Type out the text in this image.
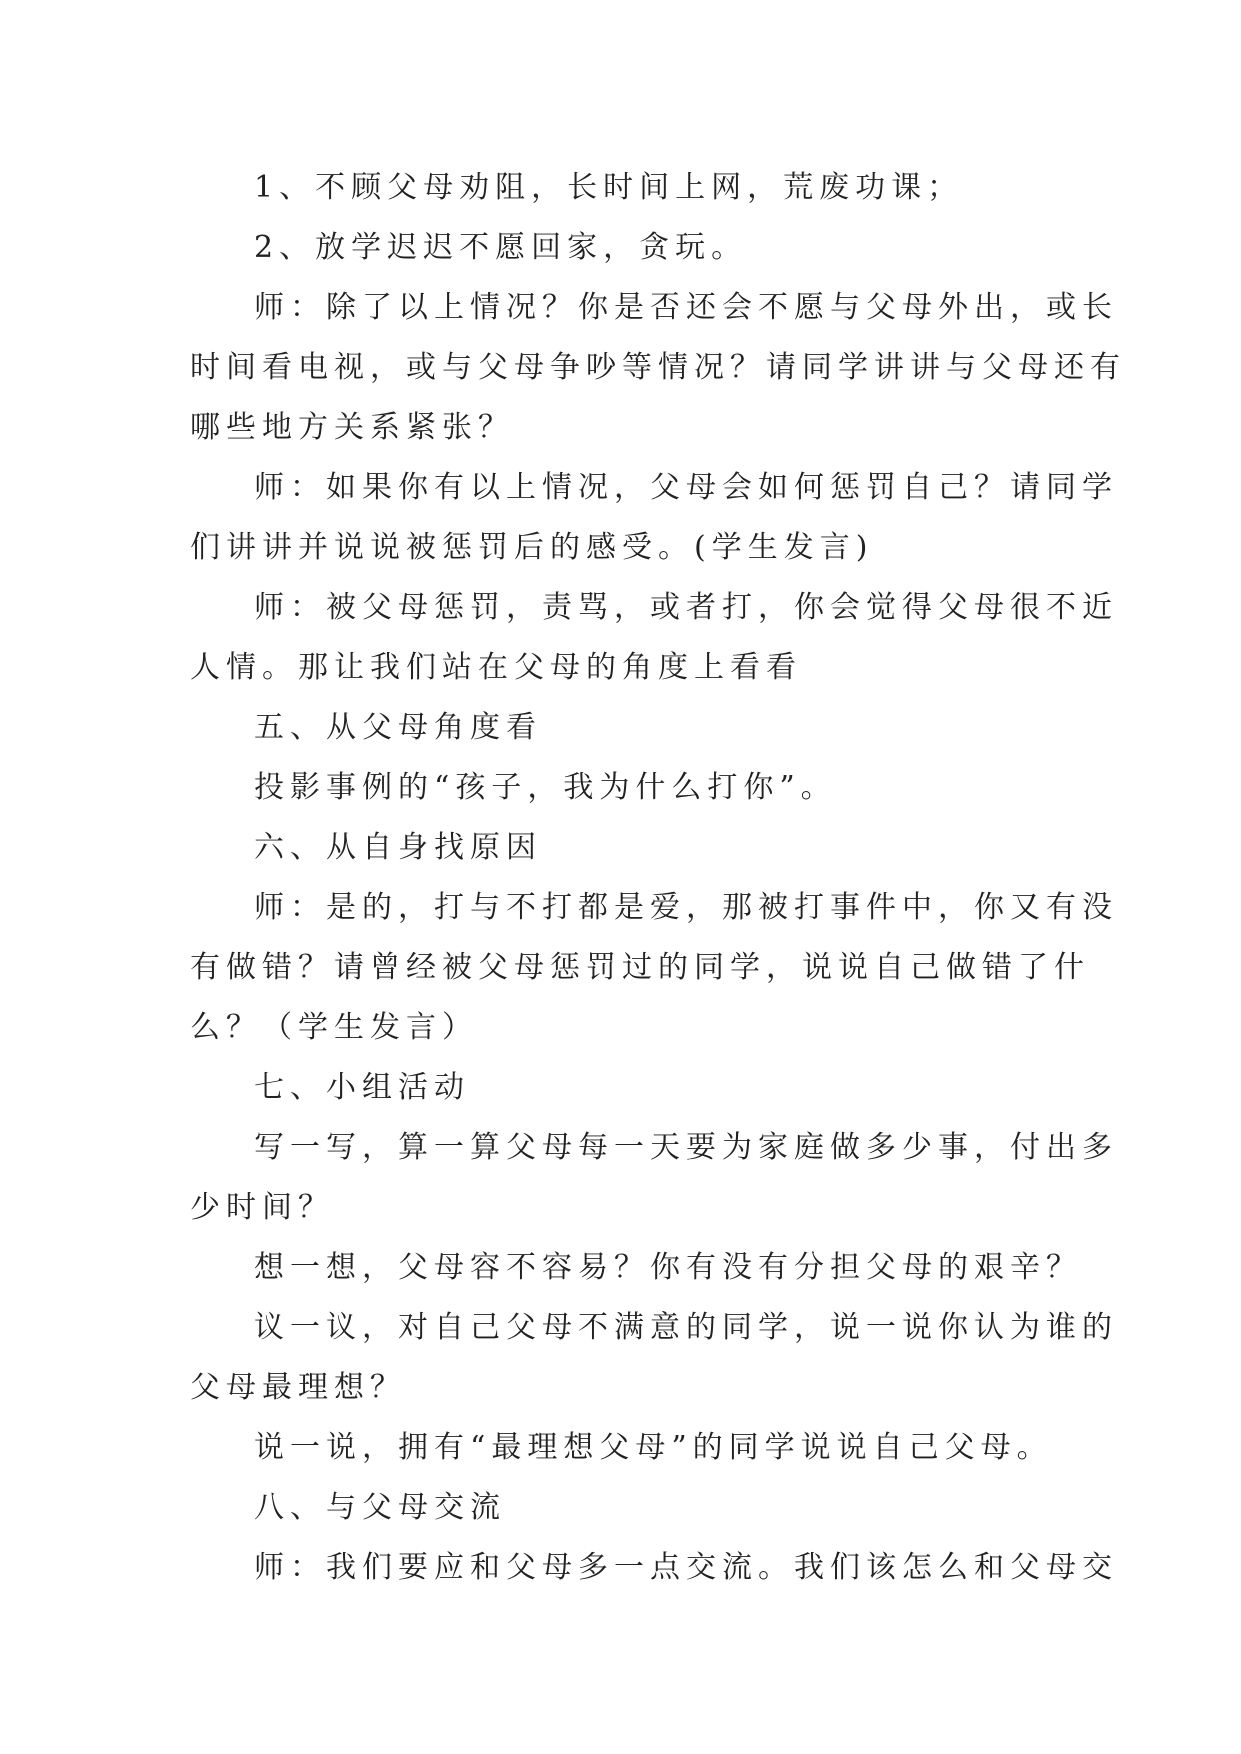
1、不顾父母劝阻，长时间上网，荒废功课；

2、放学迟迟不愿回家，贪玩。

师：除了以上情况？你是否还会不愿与父母外出，或长

时间看电视，或与父母争吵等情况？请同学讲讲与父母还有

哪些地方关系紧张？

师：如果你有以上情况，父母会如何惩罚自己？请同学

们讲讲并说说被惩罚后的感受。(学生发言)

师：被父母惩罚，责骂，或者打，你会觉得父母很不近

人情。那让我们站在父母的角度上看看

五、从父母角度看

投影事例的“孩子，我为什么打你”。

六、从自身找原因

师：是的，打与不打都是爱，那被打事件中，你又有没

有做错？请曾经被父母惩罚过的同学，说说自己做错了什

么？（学生发言）

七、小组活动

写一写，算一算父母每一天要为家庭做多少事，付出多

少时间？

想一想，父母容不容易？你有没有分担父母的艰辛？

议一议，对自己父母不满意的同学，说一说你认为谁的

父母最理想？

说一说，拥有“最理想父母”的同学说说自己父母。

八、与父母交流

师：我们要应和父母多一点交流。我们该怎么和父母交
